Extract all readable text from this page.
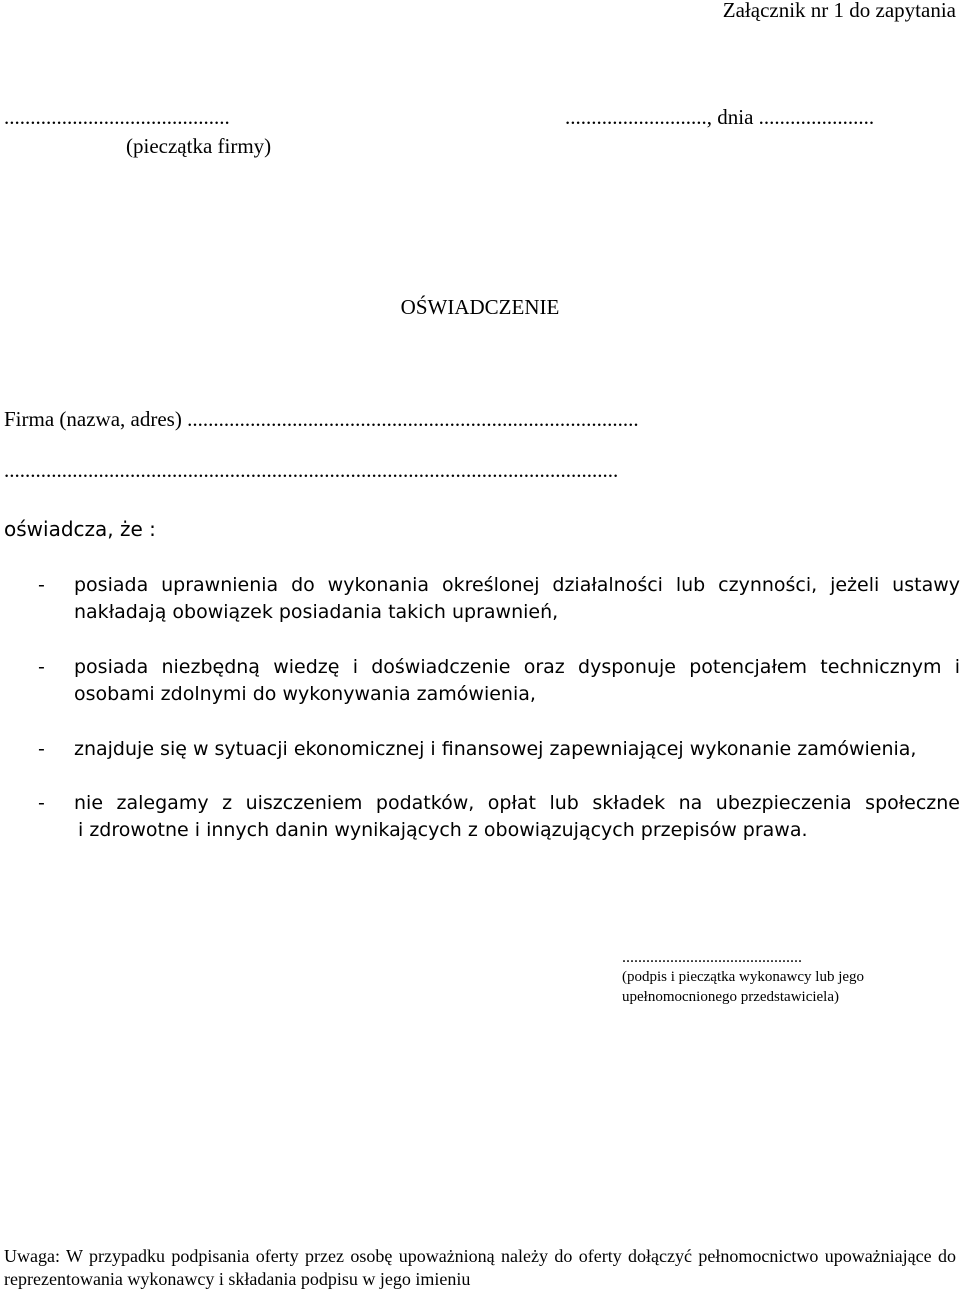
Załącznik nr 1 do zapytania
...........................................	..........................., dnia ......................
(pieczątka firmy)
OŚWIADCZENIE
Firma (nazwa, adres) ......................................................................................
.....................................................................................................................
oświadcza, że :
- posiada uprawnienia do wykonania określonej działalności lub czynności, jeżeli ustawy nakładają obowiązek posiadania takich uprawnień,
- posiada niezbędną wiedzę i doświadczenie oraz dysponuje potencjałem technicznym i osobami zdolnymi do wykonywania zamówienia,
- znajduje się w sytuacji ekonomicznej i finansowej zapewniającej wykonanie zamówienia,
- nie zalegamy z uiszczeniem podatków, opłat lub składek na ubezpieczenia społeczne
i zdrowotne i innych danin wynikających z obowiązujących przepisów prawa.
.............................................
(podpis i pieczątka wykonawcy lub jego upełnomocnionego przedstawiciela)
Uwaga: W przypadku podpisania oferty przez osobę upoważnioną należy do oferty dołączyć pełnomocnictwo upoważniające do reprezentowania wykonawcy i składania podpisu w jego imieniu
